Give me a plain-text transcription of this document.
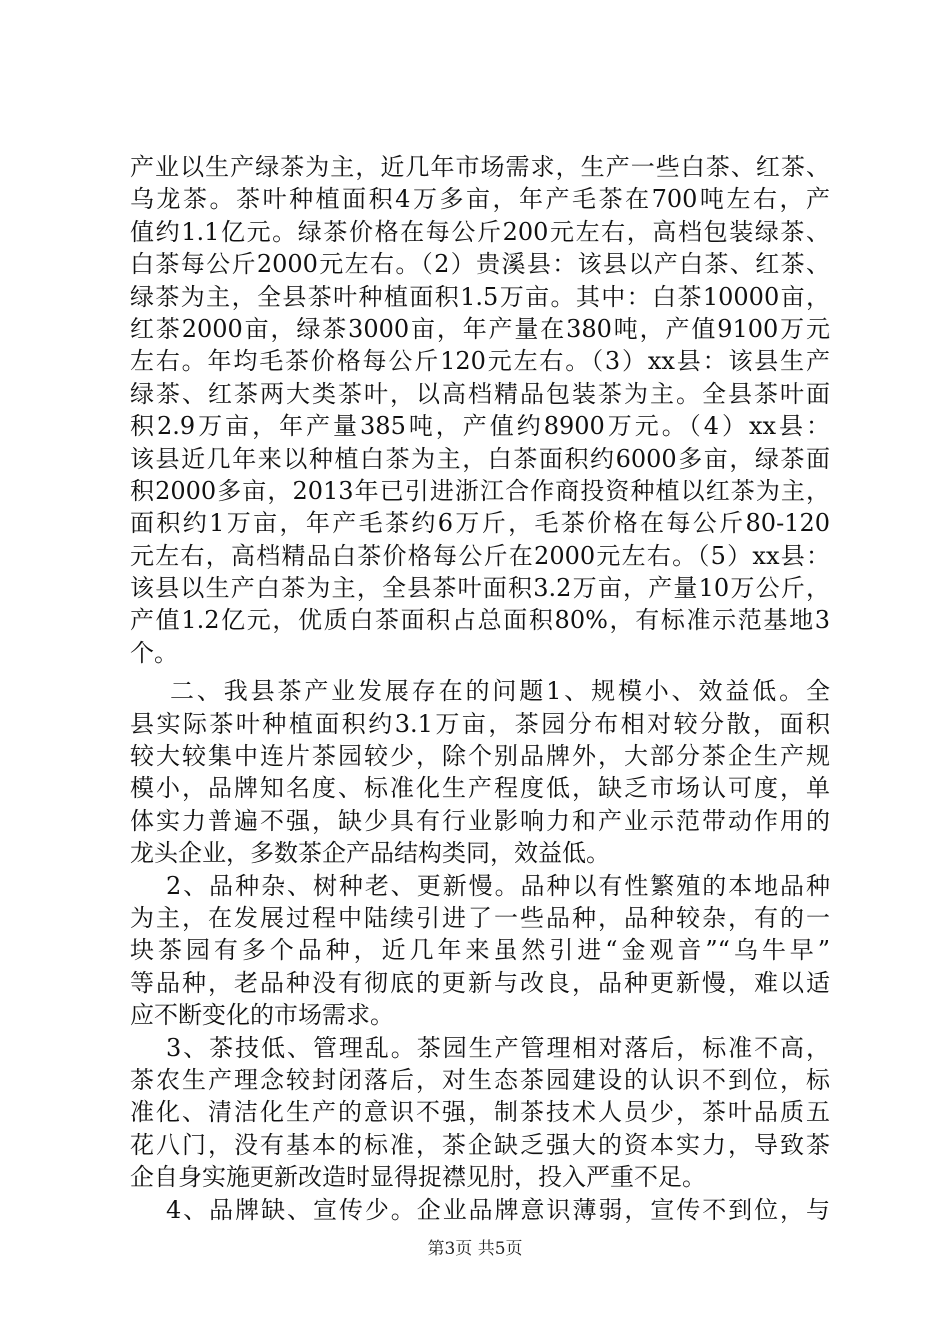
产业以生产绿茶为主，近几年市场需求，生产一些白茶、红茶、
乌龙茶。茶叶种植面积4万多亩，年产毛茶在700吨左右，产
值约1.1亿元。绿茶价格在每公斤200元左右，高档包装绿茶、
白茶每公斤2000元左右。（2）贵溪县：该县以产白茶、红茶、
绿茶为主，全县茶叶种植面积1.5万亩。其中：白茶10000亩，
红茶2000亩，绿茶3000亩，年产量在380吨，产值9100万元
左右。年均毛茶价格每公斤120元左右。（3）xx县：该县生产
绿茶、红茶两大类茶叶，以高档精品包装茶为主。全县茶叶面
积2.9万亩，年产量385吨，产值约8900万元。（4）xx县：
该县近几年来以种植白茶为主，白茶面积约6000多亩，绿茶面
积2000多亩，2013年已引进浙江合作商投资种植以红茶为主，
面积约1万亩，年产毛茶约6万斤，毛茶价格在每公斤80-120
元左右，高档精品白茶价格每公斤在2000元左右。（5）xx县：
该县以生产白茶为主，全县茶叶面积3.2万亩，产量10万公斤，
产值1.2亿元，优质白茶面积占总面积80%，有标准示范基地3
个。
二、我县茶产业发展存在的问题1、规模小、效益低。全
县实际茶叶种植面积约3.1万亩，茶园分布相对较分散，面积
较大较集中连片茶园较少，除个别品牌外，大部分茶企生产规
模小，品牌知名度、标准化生产程度低，缺乏市场认可度，单
体实力普遍不强，缺少具有行业影响力和产业示范带动作用的
龙头企业，多数茶企产品结构类同，效益低。
2、品种杂、树种老、更新慢。品种以有性繁殖的本地品种
为主，在发展过程中陆续引进了一些品种，品种较杂，有的一
块茶园有多个品种，近几年来虽然引进“金观音”“乌牛早”
等品种，老品种没有彻底的更新与改良，品种更新慢，难以适
应不断变化的市场需求。
3、茶技低、管理乱。茶园生产管理相对落后，标准不高，
茶农生产理念较封闭落后，对生态茶园建设的认识不到位，标
准化、清洁化生产的意识不强，制茶技术人员少，茶叶品质五
花八门，没有基本的标准，茶企缺乏强大的资本实力，导致茶
企自身实施更新改造时显得捉襟见肘，投入严重不足。
4、品牌缺、宣传少。企业品牌意识薄弱，宣传不到位，与
第3页 共5页
